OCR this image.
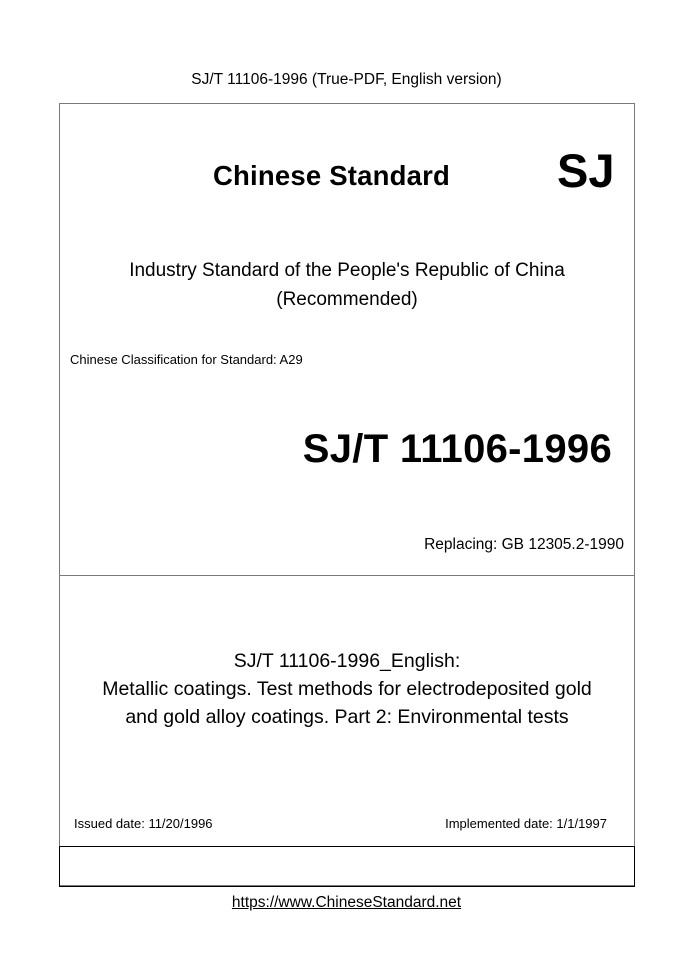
SJ/T 11106-1996 (True-PDF, English version)
Chinese Standard SJ
Industry Standard of the People's Republic of China
(Recommended)
Chinese Classification for Standard: A29
SJ/T 11106-1996
Replacing: GB 12305.2-1990
SJ/T 11106-1996_English:
Metallic coatings. Test methods for electrodeposited gold
and gold alloy coatings. Part 2: Environmental tests
Issued date: 11/20/1996	Implemented date: 1/1/1997
https://www.ChineseStandard.net
